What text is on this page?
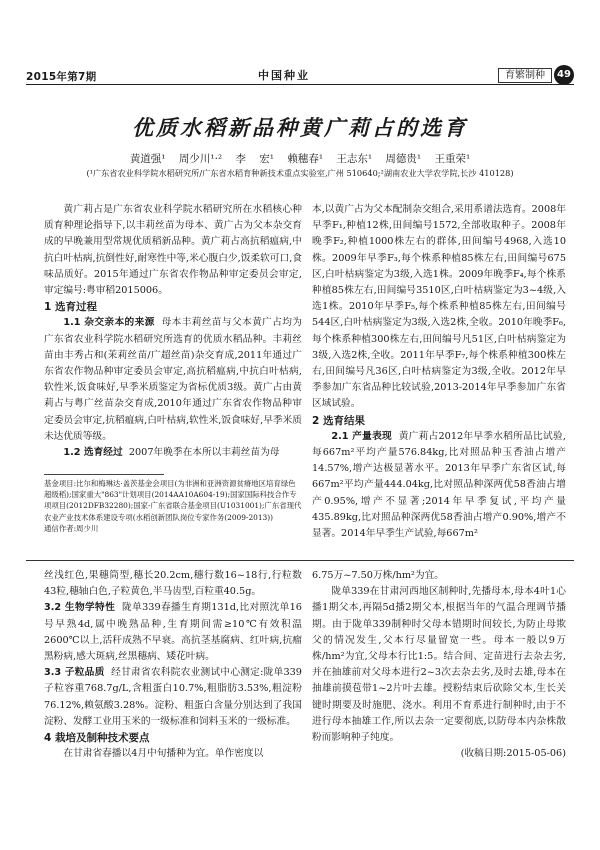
2015年第7期	中国种业	育繁制种	49
优质水稻新品种黄广莉占的选育
黄道强¹ 周少川¹·² 李 宏¹ 赖穗春¹ 王志东¹ 周德贵¹ 王重荣¹
(¹广东省农业科学院水稻研究所/广东省水稻育种新技术重点实验室,广州 510640;²湖南农业大学农学院,长沙 410128)

黄广莉占是广东省农业科学院水稻研究所在水稻核心种质育种理论指导下,以丰莉丝苗为母本、黄广占为父本杂交育成的早晚兼用型常规优质稻新品种。黄广莉占高抗稻瘟病,中抗白叶枯病,抗倒性好,耐寒性中等,米心腹白少,饭柔软可口,食味品质好。2015年通过广东省农作物品种审定委员会审定,审定编号:粤审稻2015006。

1 选育过程

1.1 杂交亲本的来源 母本丰莉丝苗与父本黄广占均为广东省农业科学院水稻研究所选育的优质水稻品种。丰莉丝苗由丰秀占和(茉莉丝苗/广超丝苗)杂交育成,2011年通过广东省农作物品种审定委员会审定,高抗稻瘟病,中抗白叶枯病,软性米,饭食味好,早季米质鉴定为省标优质3级。黄广占由黄莉占与粤广丝苗杂交育成,2010年通过广东省农作物品种审定委员会审定,抗稻瘟病,白叶枯病,软性米,饭食味好,早季米质未达优质等级。

1.2 选育经过 2007年晚季在本所以丰莉丝苗为母

基金项目:比尔和梅琳达·盖茨基金会项目(为非洲和亚洲资源贫瘠地区培育绿色超级稻);国家重大"863"计划项目(2014AA10A604-19);国家国际科技合作专项项目(2012DFB32280);国家-广东省联合基金项目(U1031001);广东省现代农业产业技术体系建设专项(水稻创新团队岗位专家作务(2009-2013))

通信作者:周少川

本,以黄广占为父本配制杂交组合,采用系谱法选育。2008年早季F₁,种植12株,田间编号1572,全部收取种子。2008年晚季F₂,种植1000株左右的群体,田间编号4968,入选10株。2009年早季F₃,每个株系种植85株左右,田间编号675区,白叶枯病鉴定为3级,入选1株。2009年晚季F₄,每个株系种植85株左右,田间编号3510区,白叶枯病鉴定为3~4级,入选1株。2010年早季F₅,每个株系种植85株左右,田间编号544区,白叶枯病鉴定为3级,入选2株,全收。2010年晚季F₆,每个株系种植300株左右,田间编号凡51区,白叶枯病鉴定为3级,入选2株,全收。2011年早季F₇,每个株系种植300株左右,田间编号凡36区,白叶枯病鉴定为3级,全收。2012年早季参加广东省品种比较试验,2013-2014年早季参加广东省区域试验。

2 选育结果

2.1 产量表现 黄广莉占2012年早季水稻所品比试验,每667m²平均产量576.84kg,比对照品种玉香油占增产14.57%,增产达极显著水平。2013年早季广东省区试,每667m²平均产量444.04kg,比对照品种深两优58香油占增产0.95%,增产不显著;2014年早季复试,平均产量435.89kg,比对照品种深两优58香油占增产0.90%,增产不显著。2014年早季生产试验,每667m²

丝浅红色,果穗筒型,穗长20.2cm,穗行数16~18行,行粒数43粒,穗轴白色,子粒黄色,半马齿型,百粒重40.5g。

3.2 生物学特性 陇单339春播生育期131d,比对照沈单16号早熟4d,属中晚熟品种,生育期间需≥10℃有效积温2600℃以上,活秆成熟不早衰。高抗茎基腐病、红叶病,抗瘤黑粉病,感大斑病,丝黑穗病、矮花叶病。

3.3 子粒品质 经甘肃省农科院农业测试中心测定:陇单339子粒容重768.7g/L,含粗蛋白10.7%,粗脂肪3.53%,粗淀粉76.12%,赖氨酸3.28%。淀粉、粗蛋白含量分别达到了我国淀粉、发酵工业用玉米的一级标准和饲料玉米的一级标准。

4 栽培及制种技术要点

在甘肃省春播以4月中旬播种为宜。单作密度以

6.75万~7.50万株/hm²为宜。

陇单339在甘肃河西地区制种时,先播母本,母本4叶1心播1期父本,再隔5d播2期父本,根据当年的气温合理调节播期。由于陇单339制种时父母本错期时间较长,为防止母欺父的情况发生,父本行尽量留宽一些。母本一般以9万株/hm²为宜,父母本行比1:5。结合间、定苗进行去杂去劣,并在抽雄前对父母本进行2~3次去杂去劣,及时去雄,母本在抽雄前摸苞带1~2片叶去雄。授粉结束后砍除父本,生长关键时期要及时施肥、浇水。利用不育系进行制种时,由于不进行母本抽雄工作,所以去杂一定要彻底,以防母本内杂株散粉而影响种子纯度。

(收稿日期:2015-05-06)
